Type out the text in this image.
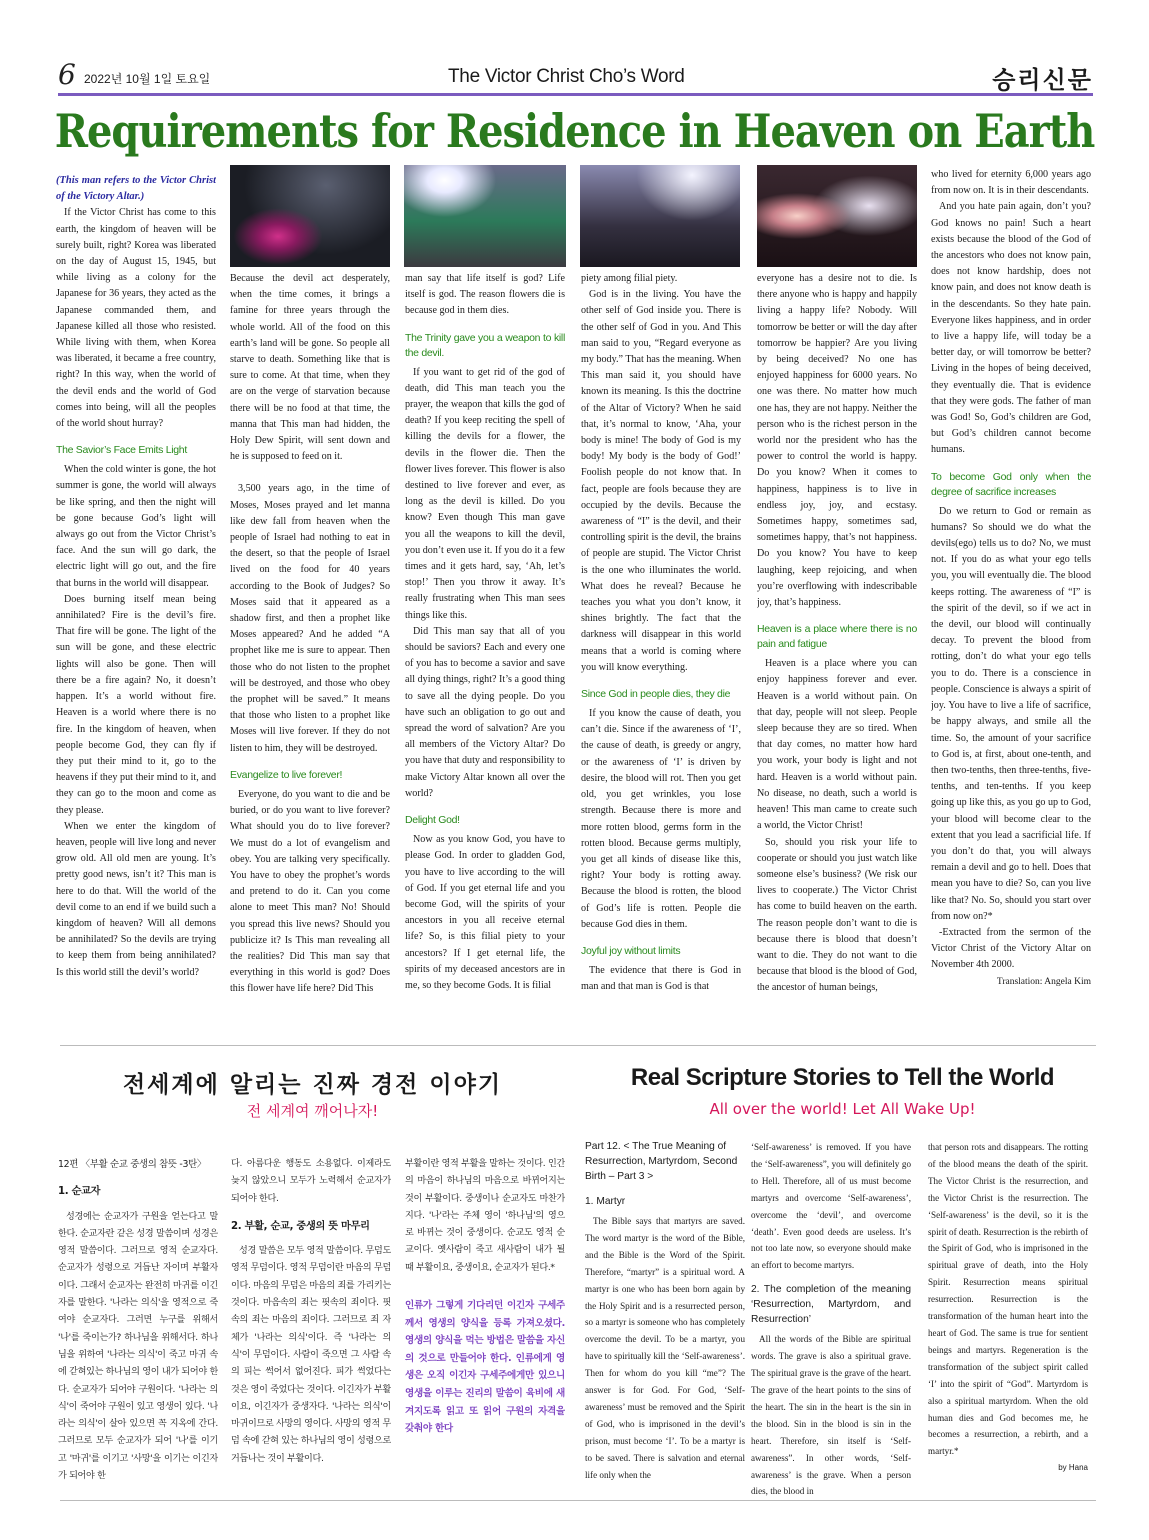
6 2022년 10월 1일 토요일	The Victor Christ Cho’s Word	승리신문
Requirements for Residence in Heaven on Earth

(This man refers to the Victor Christ of the Victory Altar.)

If the Victor Christ has come to this earth, the kingdom of heaven will be surely built, right? Korea was liberated on the day of August 15, 1945, but while living as a colony for the Japanese for 36 years, they acted as the Japanese commanded them, and Japanese killed all those who resisted. While living with them, when Korea was liberated, it became a free country, right? In this way, when the world of the devil ends and the world of God comes into being, will all the peoples of the world shout hurray?

The Savior’s Face Emits Light

When the cold winter is gone, the hot summer is gone, the world will always be like spring, and then the night will be gone because God’s light will always go out from the Victor Christ’s face. And the sun will go dark, the electric light will go out, and the fire that burns in the world will disappear.

Does burning itself mean being annihilated? Fire is the devil’s fire. That fire will be gone. The light of the sun will be gone, and these electric lights will also be gone. Then will there be a fire again? No, it doesn’t happen. It’s a world without fire. Heaven is a world where there is no fire. In the kingdom of heaven, when people become God, they can fly if they put their mind to it, go to the heavens if they put their mind to it, and they can go to the moon and come as they please.

When we enter the kingdom of heaven, people will live long and never grow old. All old men are young. It’s pretty good news, isn’t it? This man is here to do that. Will the world of the devil come to an end if we build such a kingdom of heaven? Will all demons be annihilated? So the devils are trying to keep them from being annihilated? Is this world still the devil’s world?

Because the devil act desperately, when the time comes, it brings a famine for three years through the whole world. All of the food on this earth’s land will be gone. So people all starve to death. Something like that is sure to come. At that time, when they are on the verge of starvation because there will be no food at that time, the manna that This man had hidden, the Holy Dew Spirit, will sent down and he is supposed to feed on it.

3,500 years ago, in the time of Moses, Moses prayed and let manna like dew fall from heaven when the people of Israel had nothing to eat in the desert, so that the people of Israel lived on the food for 40 years according to the Book of Judges? So Moses said that it appeared as a shadow first, and then a prophet like Moses appeared? And he added “A prophet like me is sure to appear. Then those who do not listen to the prophet will be destroyed, and those who obey the prophet will be saved.” It means that those who listen to a prophet like Moses will live forever. If they do not listen to him, they will be destroyed.

Evangelize to live forever!

Everyone, do you want to die and be buried, or do you want to live forever? What should you do to live forever? We must do a lot of evangelism and obey. You are talking very specifically. You have to obey the prophet’s words and pretend to do it. Can you come alone to meet This man? No! Should you spread this live news? Should you publicize it? Is This man revealing all the realities? Did This man say that everything in this world is god? Does this flower have life here? Did This

man say that life itself is god? Life itself is god. The reason flowers die is because god in them dies.

The Trinity gave you a weapon to kill the devil.

If you want to get rid of the god of death, did This man teach you the prayer, the weapon that kills the god of death? If you keep reciting the spell of killing the devils for a flower, the devils in the flower die. Then the flower lives forever. This flower is also destined to live forever and ever, as long as the devil is killed. Do you know? Even though This man gave you all the weapons to kill the devil, you don’t even use it. If you do it a few times and it gets hard, say, ‘Ah, let’s stop!’ Then you throw it away. It’s really frustrating when This man sees things like this.

Did This man say that all of you should be saviors? Each and every one of you has to become a savior and save all dying things, right? It’s a good thing to save all the dying people. Do you have such an obligation to go out and spread the word of salvation? Are you all members of the Victory Altar? Do you have that duty and responsibility to make Victory Altar known all over the world?

Delight God!

Now as you know God, you have to please God. In order to gladden God, you have to live according to the will of God. If you get eternal life and you become God, will the spirits of your ancestors in you all receive eternal life? So, is this filial piety to your ancestors? If I get eternal life, the spirits of my deceased ancestors are in me, so they become Gods. It is filial

piety among filial piety.

God is in the living. You have the other self of God inside you. There is the other self of God in you. And This man said to you, “Regard everyone as my body.” That has the meaning. When This man said it, you should have known its meaning. Is this the doctrine of the Altar of Victory? When he said that, it’s normal to know, ‘Aha, your body is mine! The body of God is my body! My body is the body of God!’ Foolish people do not know that. In fact, people are fools because they are occupied by the devils. Because the awareness of “I” is the devil, and their controlling spirit is the devil, the brains of people are stupid. The Victor Christ is the one who illuminates the world. What does he reveal? Because he teaches you what you don’t know, it shines brightly. The fact that the darkness will disappear in this world means that a world is coming where you will know everything.

Since God in people dies, they die

If you know the cause of death, you can’t die. Since if the awareness of ‘I’, the cause of death, is greedy or angry, or the awareness of ‘I’ is driven by desire, the blood will rot. Then you get old, you get wrinkles, you lose strength. Because there is more and more rotten blood, germs form in the rotten blood. Because germs multiply, you get all kinds of disease like this, right? Your body is rotting away. Because the blood is rotten, the blood of God’s life is rotten. People die because God dies in them.

Joyful joy without limits

The evidence that there is God in man and that man is God is that

everyone has a desire not to die. Is there anyone who is happy and happily living a happy life? Nobody. Will tomorrow be better or will the day after tomorrow be happier? Are you living by being deceived? No one has enjoyed happiness for 6000 years. No one was there. No matter how much one has, they are not happy. Neither the person who is the richest person in the world nor the president who has the power to control the world is happy. Do you know? When it comes to happiness, happiness is to live in endless joy, joy, and ecstasy. Sometimes happy, sometimes sad, sometimes happy, that’s not happiness. Do you know? You have to keep laughing, keep rejoicing, and when you’re overflowing with indescribable joy, that’s happiness.

Heaven is a place where there is no pain and fatigue

Heaven is a place where you can enjoy happiness forever and ever. Heaven is a world without pain. On that day, people will not sleep. People sleep because they are so tired. When that day comes, no matter how hard you work, your body is light and not hard. Heaven is a world without pain. No disease, no death, such a world is heaven! This man came to create such a world, the Victor Christ!

So, should you risk your life to cooperate or should you just watch like someone else’s business? (We risk our lives to cooperate.) The Victor Christ has come to build heaven on the earth. The reason people don’t want to die is because there is blood that doesn’t want to die. They do not want to die because that blood is the blood of God, the ancestor of human beings,

who lived for eternity 6,000 years ago from now on. It is in their descendants.

And you hate pain again, don’t you? God knows no pain! Such a heart exists because the blood of the God of the ancestors who does not know pain, does not know hardship, does not know pain, and does not know death is in the descendants. So they hate pain. Everyone likes happiness, and in order to live a happy life, will today be a better day, or will tomorrow be better? Living in the hopes of being deceived, they eventually die. That is evidence that they were gods. The father of man was God! So, God’s children are God, but God’s children cannot become humans.

To become God only when the degree of sacrifice increases

Do we return to God or remain as humans? So should we do what the devils(ego) tells us to do? No, we must not. If you do as what your ego tells you, you will eventually die. The blood keeps rotting. The awareness of “I” is the spirit of the devil, so if we act in the devil, our blood will continually decay. To prevent the blood from rotting, don’t do what your ego tells you to do. There is a conscience in people. Conscience is always a spirit of joy. You have to live a life of sacrifice, be happy always, and smile all the time. So, the amount of your sacrifice to God is, at first, about one-tenth, and then two-tenths, then three-tenths, five-tenths, and ten-tenths. If you keep going up like this, as you go up to God, your blood will become clear to the extent that you lead a sacrificial life. If you don’t do that, you will always remain a devil and go to hell. Does that mean you have to die? So, can you live like that? No. So, should you start over from now on?*

-Extracted from the sermon of the Victor Christ of the Victory Altar on November 4th 2000.

Translation: Angela Kim

전세계에 알리는 진짜 경전 이야기
전 세계여 깨어나자!
Real Scripture Stories to Tell the World
All over the world! Let All Wake Up!

12편 〈부활 순교 중생의 참뜻 -3탄〉

1. 순교자

성경에는 순교자가 구원을 얻는다고 말한다. 순교자란 같은 성경 말씀이며 성경은 영적 말씀이다. 그러므로 영적 순교자다. 순교자가 성령으로 거듭난 자이며 부활자이다. 그래서 순교자는 완전히 마귀를 이긴자를 말한다. '나라는 의식'을 영적으로 죽여야 순교자다. 그러면 누구를 위해서 '나'를 죽이는가? 하나님을 위해서다. 하나님을 위하여 '나라는 의식'이 죽고 마귀 속에 갇혀있는 하나님의 영이 내가 되어야 한다. 순교자가 되어야 구원이다. '나라는 의식'이 죽어야 구원이 있고 영생이 있다. '나라는 의식'이 살아 있으면 꼭 지옥에 간다. 그러므로 모두 순교자가 되어 '나'를 이기고 '마귀'를 이기고 '사망'을 이기는 이긴자가 되어야 한

다. 아름다운 행동도 소용없다. 이제라도 늦지 않았으니 모두가 노력해서 순교자가 되어야 한다.

2. 부활, 순교, 중생의 뜻 마무리

성경 말씀은 모두 영적 말씀이다. 무덤도 영적 무덤이다. 영적 무덤이란 마음의 무덤이다. 마음의 무덤은 마음의 죄를 가리키는 것이다. 마음속의 죄는 핏속의 죄이다. 핏속의 죄는 마음의 죄이다. 그러므로 죄 자체가 '나라는 의식'이다. 즉 '나라는 의식'이 무덤이다. 사람이 죽으면 그 사람 속의 피는 썩어서 없어진다. 피가 썩었다는 것은 영이 죽었다는 것이다. 이긴자가 부활이요, 이긴자가 중생자다. '나라는 의식'이 마귀이므로 사망의 영이다. 사망의 영적 무덤 속에 갇혀 있는 하나님의 영이 성령으로 거듭나는 것이 부활이다.

부활이란 영적 부활을 말하는 것이다. 인간의 마음이 하나님의 마음으로 바뀌어지는 것이 부활이다. 중생이나 순교자도 마찬가지다. '나'라는 주체 영이 '하나님'의 영으로 바뀌는 것이 중생이다. 순교도 영적 순교이다. 옛사람이 죽고 새사람이 내가 될 때 부활이요, 중생이요, 순교자가 된다.*

인류가 그렇게 기다리던 이긴자 구세주께서 영생의 양식을 등록 가져오셨다. 영생의 양식을 먹는 방법은 말씀을 자신의 것으로 만들어야 한다. 인류에게 영생은 오직 이긴자 구세주에게만 있으니 영생을 이루는 진리의 말씀이 육비에 새겨지도록 읽고 또 읽어 구원의 자격을 갖춰야 한다

Part 12. < The True Meaning of Resurrection, Martyrdom, Second Birth – Part 3 >

1. Martyr

The Bible says that martyrs are saved. The word martyr is the word of the Bible, and the Bible is the Word of the Spirit. Therefore, “martyr” is a spiritual word. A martyr is one who has been born again by the Holy Spirit and is a resurrected person, so a martyr is someone who has completely overcome the devil. To be a martyr, you have to spiritually kill the ‘Self-awareness’. Then for whom do you kill “me”? The answer is for God. For God, ‘Self-awareness’ must be removed and the Spirit of God, who is imprisoned in the devil’s prison, must become ‘I’. To be a martyr is to be saved. There is salvation and eternal life only when the

‘Self-awareness’ is removed. If you have the ‘Self-awareness”, you will definitely go to Hell. Therefore, all of us must become martyrs and overcome ‘Self-awareness’, overcome the ‘devil’, and overcome ‘death’. Even good deeds are useless. It’s not too late now, so everyone should make an effort to become martyrs.

2. The completion of the meaning ‘Resurrection, Martyrdom, and Resurrection’

All the words of the Bible are spiritual words. The grave is also a spiritual grave. The spiritual grave is the grave of the heart. The grave of the heart points to the sins of the heart. The sin in the heart is the sin in the blood. Sin in the blood is sin in the heart. Therefore, sin itself is ‘Self-awareness”. In other words, ‘Self-awareness’ is the grave. When a person dies, the blood in

that person rots and disappears. The rotting of the blood means the death of the spirit. The Victor Christ is the resurrection, and the Victor Christ is the resurrection. The ‘Self-awareness’ is the devil, so it is the spirit of death. Resurrection is the rebirth of the Spirit of God, who is imprisoned in the spiritual grave of death, into the Holy Spirit. Resurrection means spiritual resurrection. Resurrection is the transformation of the human heart into the heart of God. The same is true for sentient beings and martyrs. Regeneration is the transformation of the subject spirit called ‘I’ into the spirit of “God”. Martyrdom is also a spiritual martyrdom. When the old human dies and God becomes me, he becomes a resurrection, a rebirth, and a martyr.*

by Hana
